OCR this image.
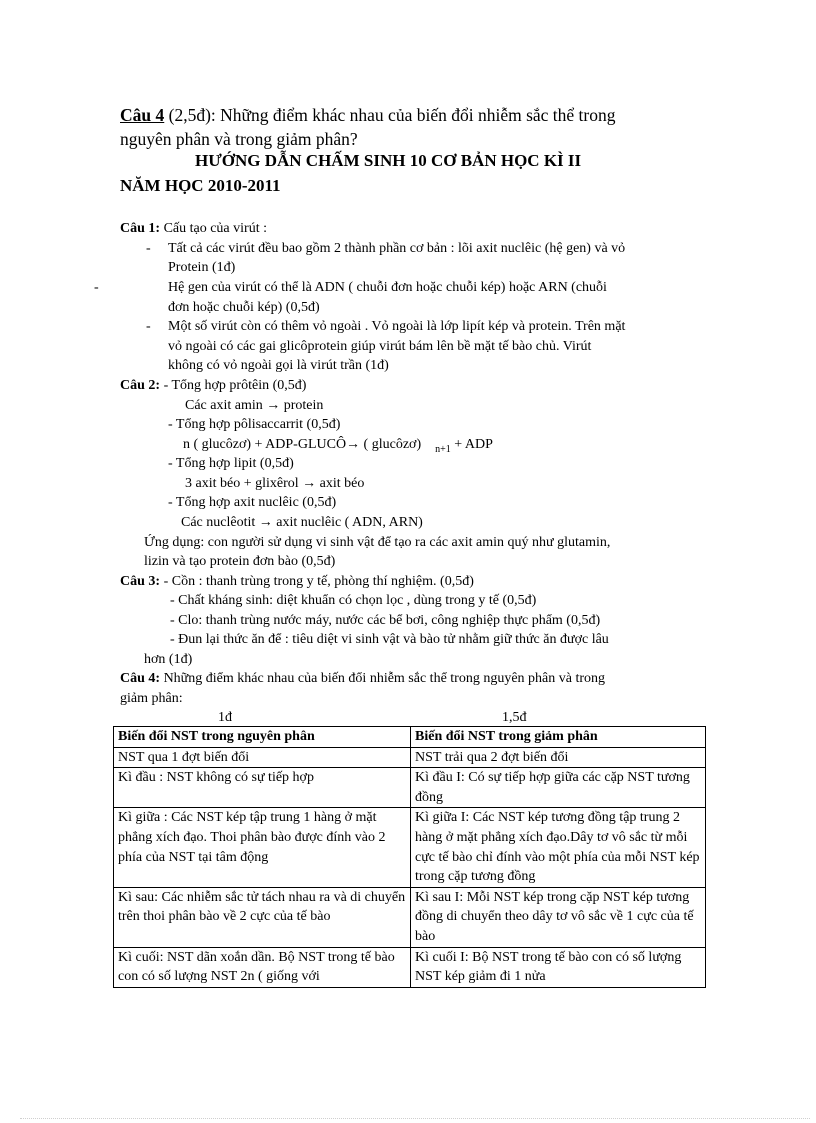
Câu 4 (2,5đ): Những điểm khác nhau của biến đổi nhiễm sắc thể trong
nguyên phân và trong giảm phân?
HƯỚNG DẪN CHẤM SINH 10 CƠ BẢN HỌC KÌ II
NĂM HỌC 2010-2011
Câu 1: Cấu tạo của virút :
- Tất cả các virút đều bao gồm 2 thành phần cơ bản : lõi axit nuclêic (hệ gen) và vỏ
Protein (1đ)
-	Hệ gen của virút có thể là ADN ( chuỗi đơn hoặc chuỗi kép) hoặc ARN (chuỗi
đơn hoặc chuỗi kép) (0,5đ)
- Một số virút còn có thêm vỏ ngoài . Vỏ ngoài là lớp lipít kép và protein. Trên mặt
vỏ ngoài có các gai glicôprotein giúp virút bám lên bề mặt tế bào chủ. Virút
không có vỏ ngoài gọi là virút trần (1đ)
Câu 2: - Tổng hợp prôtêin (0,5đ)
Các axit amin → protein
- Tổng hợp pôlisaccarrit (0,5đ)
n ( glucôzơ) + ADP-GLUCÔ→ ( glucôzơ) $_{n+1}$ + ADP
- Tổng hợp lipit (0,5đ)
3 axit béo + glixêrol → axit béo
- Tổng hợp axit nuclêic (0,5đ)
Các nuclêotit → axit nuclêic ( ADN, ARN)
Ứng dụng: con người sử dụng vi sinh vật để tạo ra các axit amin quý như glutamin,
lizin và tạo protein đơn bào (0,5đ)
Câu 3: - Cồn : thanh trùng trong y tế, phòng thí nghiệm. (0,5đ)
- Chất kháng sinh: diệt khuẩn có chọn lọc , dùng trong y tế (0,5đ)
- Clo: thanh trùng nước máy, nước các bể bơi, công nghiệp thực phẩm (0,5đ)
- Đun lại thức ăn để : tiêu diệt vi sinh vật và bào tử nhằm giữ thức ăn được lâu
hơn (1đ)
Câu 4: Những điểm khác nhau của biến đổi nhiễm sắc thể trong nguyên phân và trong
giảm phân:
1đ	1,5đ
Biến đổi NST trong nguyên phân	Biến đổi NST trong giảm phân
NST qua 1 đợt biến đổi	NST trải qua 2 đợt biến đổi
Kì đầu : NST không có sự tiếp hợp	Kì đầu I: Có sự tiếp hợp giữa các cặp NST tương đồng
Kì giữa : Các NST kép tập trung 1 hàng ở mặt phẳng xích đạo. Thoi phân bào được đính vào 2 phía của NST tại tâm động	Kì giữa I: Các NST kép tương đồng tập trung 2 hàng ở mặt phẳng xích đạo.Dây tơ vô sắc từ mỗi cực tế bào chỉ đính vào một phía của mỗi NST kép trong cặp tương đồng
Kì sau: Các nhiễm sắc tử tách nhau ra và di chuyển trên thoi phân bào về 2 cực của tế bào	Kì sau I: Mỗi NST kép trong cặp NST kép tương đồng di chuyển theo dây tơ vô sắc về 1 cực của tế bào
Kì cuối: NST dãn xoắn dần. Bộ NST trong tế bào con có số lượng NST 2n ( giống với	Kì cuối I: Bộ NST trong tế bào con có số lượng NST kép giảm đi 1 nửa
